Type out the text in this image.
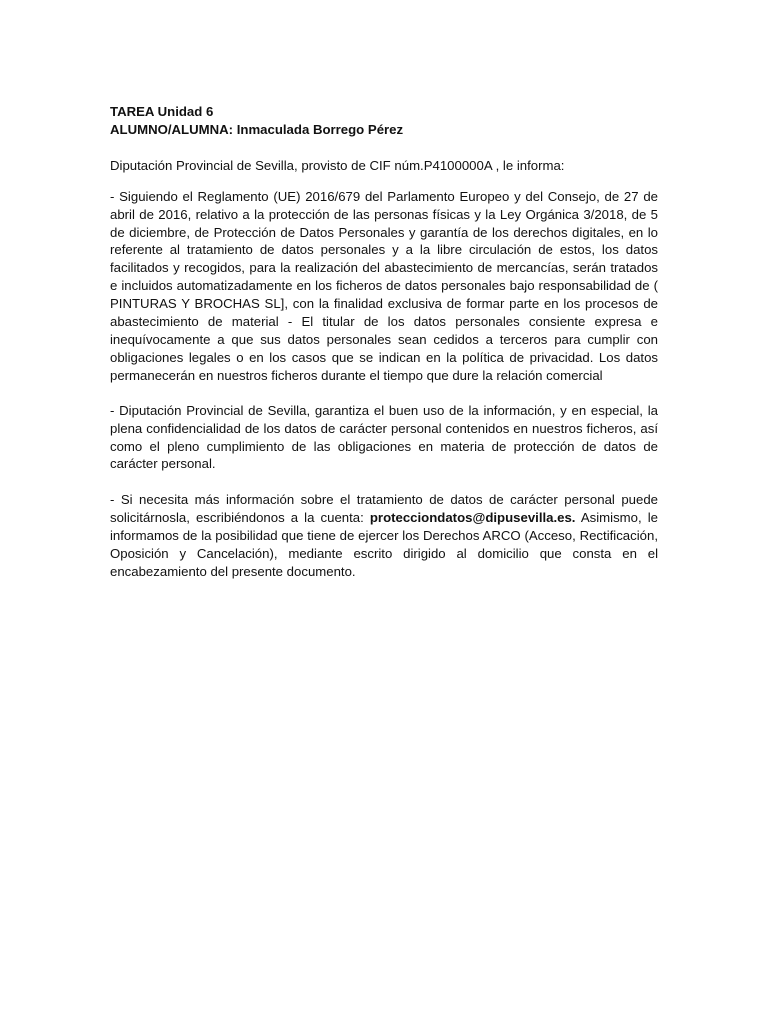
TAREA Unidad 6
ALUMNO/ALUMNA: Inmaculada Borrego Pérez
Diputación Provincial de Sevilla, provisto de CIF núm.P4100000A , le informa:

- Siguiendo el Reglamento (UE) 2016/679 del Parlamento Europeo y del Consejo, de 27 de abril de 2016, relativo a la protección de las personas físicas y la Ley Orgánica 3/2018, de 5 de diciembre, de Protección de Datos Personales y garantía de los derechos digitales, en lo referente al tratamiento de datos personales y a la libre circulación de estos, los datos facilitados y recogidos, para la realización del abastecimiento de mercancías, serán tratados e incluidos automatizadamente en los ficheros de datos personales bajo responsabilidad de ( PINTURAS Y BROCHAS SL], con la finalidad exclusiva de formar parte en los procesos de abastecimiento de material - El titular de los datos personales consiente expresa e inequívocamente a que sus datos personales sean cedidos a terceros para cumplir con obligaciones legales o en los casos que se indican en la política de privacidad. Los datos permanecerán en nuestros ficheros durante el tiempo que dure la relación comercial

- Diputación Provincial de Sevilla, garantiza el buen uso de la información, y en especial, la plena confidencialidad de los datos de carácter personal contenidos en nuestros ficheros, así como el pleno cumplimiento de las obligaciones en materia de protección de datos de carácter personal.

- Si necesita más información sobre el tratamiento de datos de carácter personal puede solicitárnosla, escribiéndonos a la cuenta: protecciondatos@dipusevilla.es. Asimismo, le informamos de la posibilidad que tiene de ejercer los Derechos ARCO (Acceso, Rectificación, Oposición y Cancelación), mediante escrito dirigido al domicilio que consta en el encabezamiento del presente documento.
